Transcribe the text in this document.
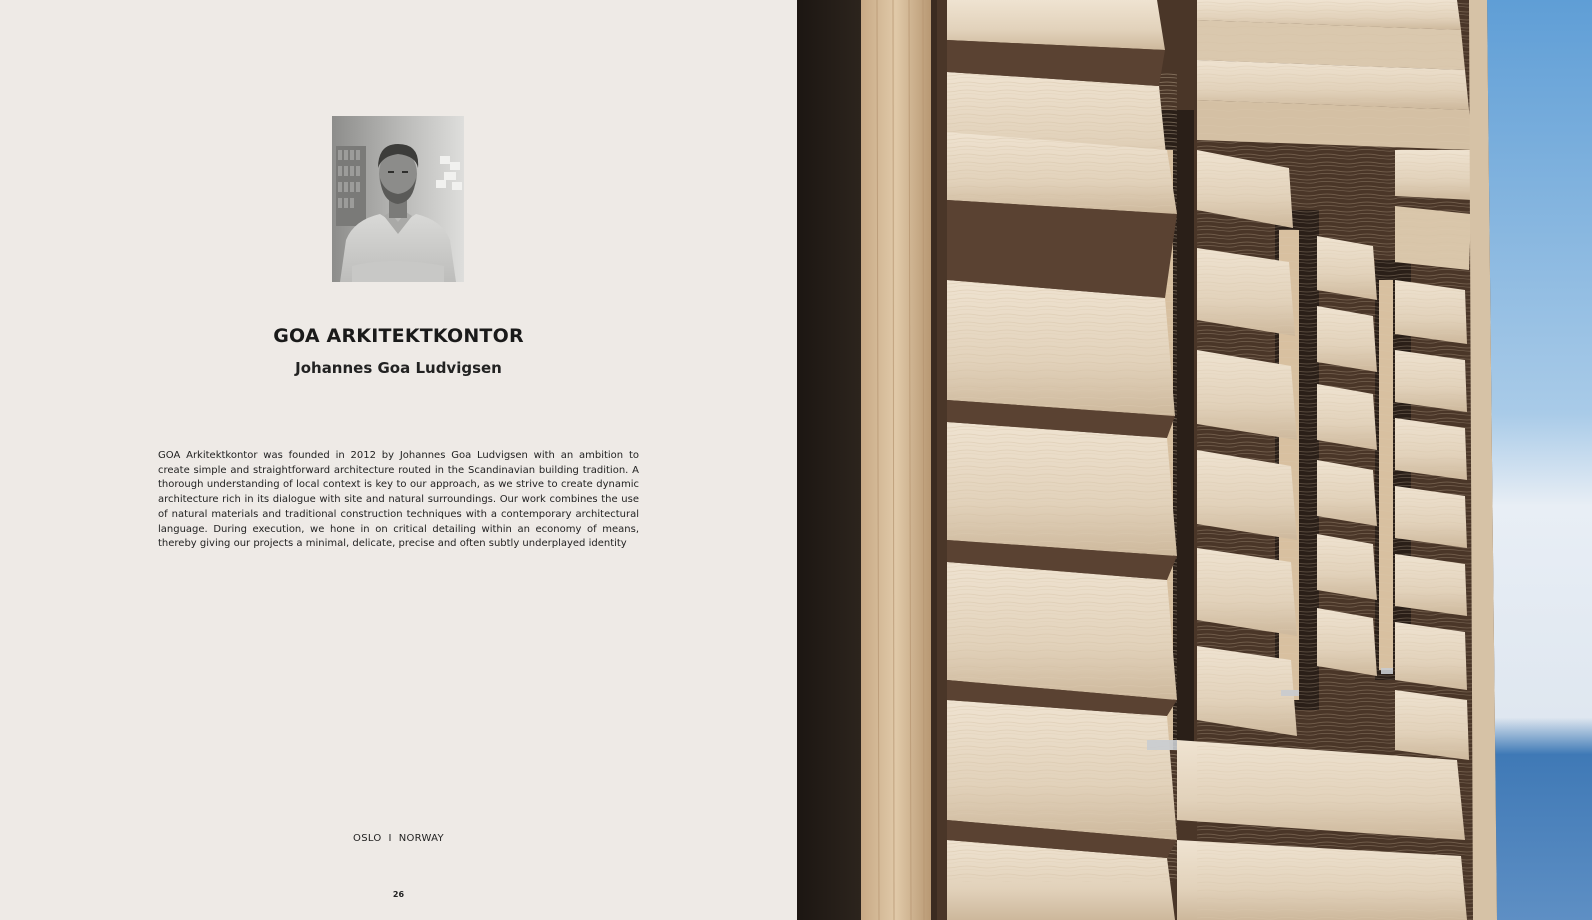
GOA ARKITEKTKONTOR
Johannes Goa Ludvigsen

GOA Arkitektkontor was founded in 2012 by Johannes Goa Ludvigsen with an ambition to create simple and straightforward architecture routed in the Scandinavian building tradition. A thorough understanding of local context is key to our approach, as we strive to create dynamic architecture rich in its dialogue with site and natural surroundings. Our work combines the use of natural materials and traditional construction techniques with a contemporary architectural language. During execution, we hone in on critical detailing within an economy of means, thereby giving our projects a minimal, delicate, precise and often subtly underplayed identity

OSLO  I  NORWAY
26
